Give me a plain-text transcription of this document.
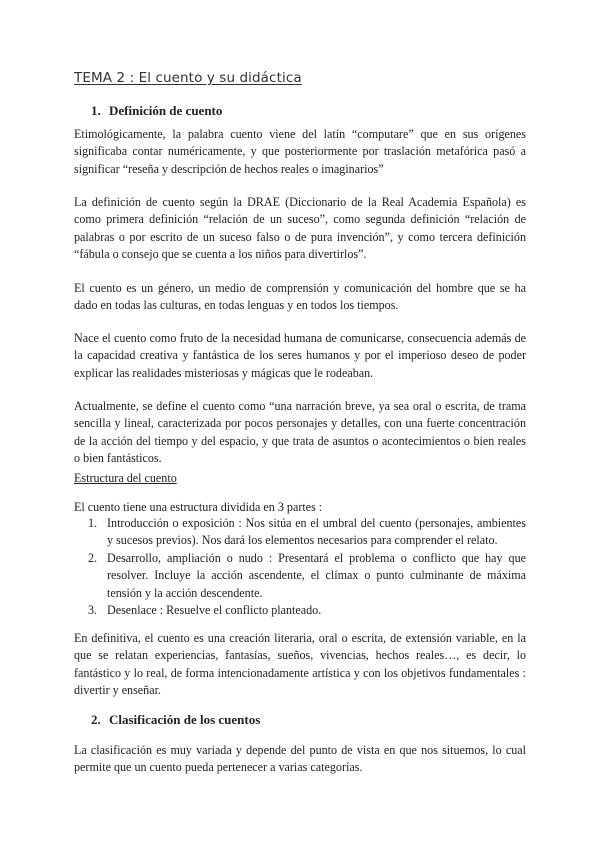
TEMA 2 : El cuento y su didáctica
1. Definición de cuento

Etimológicamente, la palabra cuento viene del latín “computare” que en sus orígenes significaba contar numéricamente, y que posteriormente por traslación metafórica pasó a significar “reseña y descripción de hechos reales o imaginarios”

La definición de cuento según la DRAE (Diccionario de la Real Academia Española) es como primera definición “relación de un suceso”, como segunda definición “relación de palabras o por escrito de un suceso falso o de pura invención”, y como tercera definición “fábula o consejo que se cuenta a los niños para divertirlos”.

El cuento es un género, un medio de comprensión y comunicación del hombre que se ha dado en todas las culturas, en todas lenguas y en todos los tiempos.

Nace el cuento como fruto de la necesidad humana de comunicarse, consecuencia además de la capacidad creativa y fantástica de los seres humanos y por el imperioso deseo de poder explicar las realidades misteriosas y mágicas que le rodeaban.

Actualmente, se define el cuento como “una narración breve, ya sea oral o escrita, de trama sencilla y lineal, caracterizada por pocos personajes y detalles, con una fuerte concentración de la acción del tiempo y del espacio, y que trata de asuntos o acontecimientos o bien reales o bien fantásticos.

Estructura del cuento

El cuento tiene una estructura dividida en 3 partes :

1. Introducción o exposición : Nos sitúa en el umbral del cuento (personajes, ambientes y sucesos previos). Nos dará los elementos necesarios para comprender el relato.
2. Desarrollo, ampliación o nudo : Presentará el problema o conflicto que hay que resolver. Incluye la acción ascendente, el clímax o punto culminante de máxima tensión y la acción descendente.
3. Desenlace : Resuelve el conflicto planteado.

En definitiva, el cuento es una creación literaria, oral o escrita, de extensión variable, en la que se relatan experiencias, fantasías, sueños, vivencias, hechos reales…, es decir, lo fantástico y lo real, de forma intencionadamente artística y con los objetivos fundamentales : divertir y enseñar.

2. Clasificación de los cuentos

La clasificación es muy variada y depende del punto de vista en que nos situemos, lo cual permite que un cuento pueda pertenecer a varias categorías.
